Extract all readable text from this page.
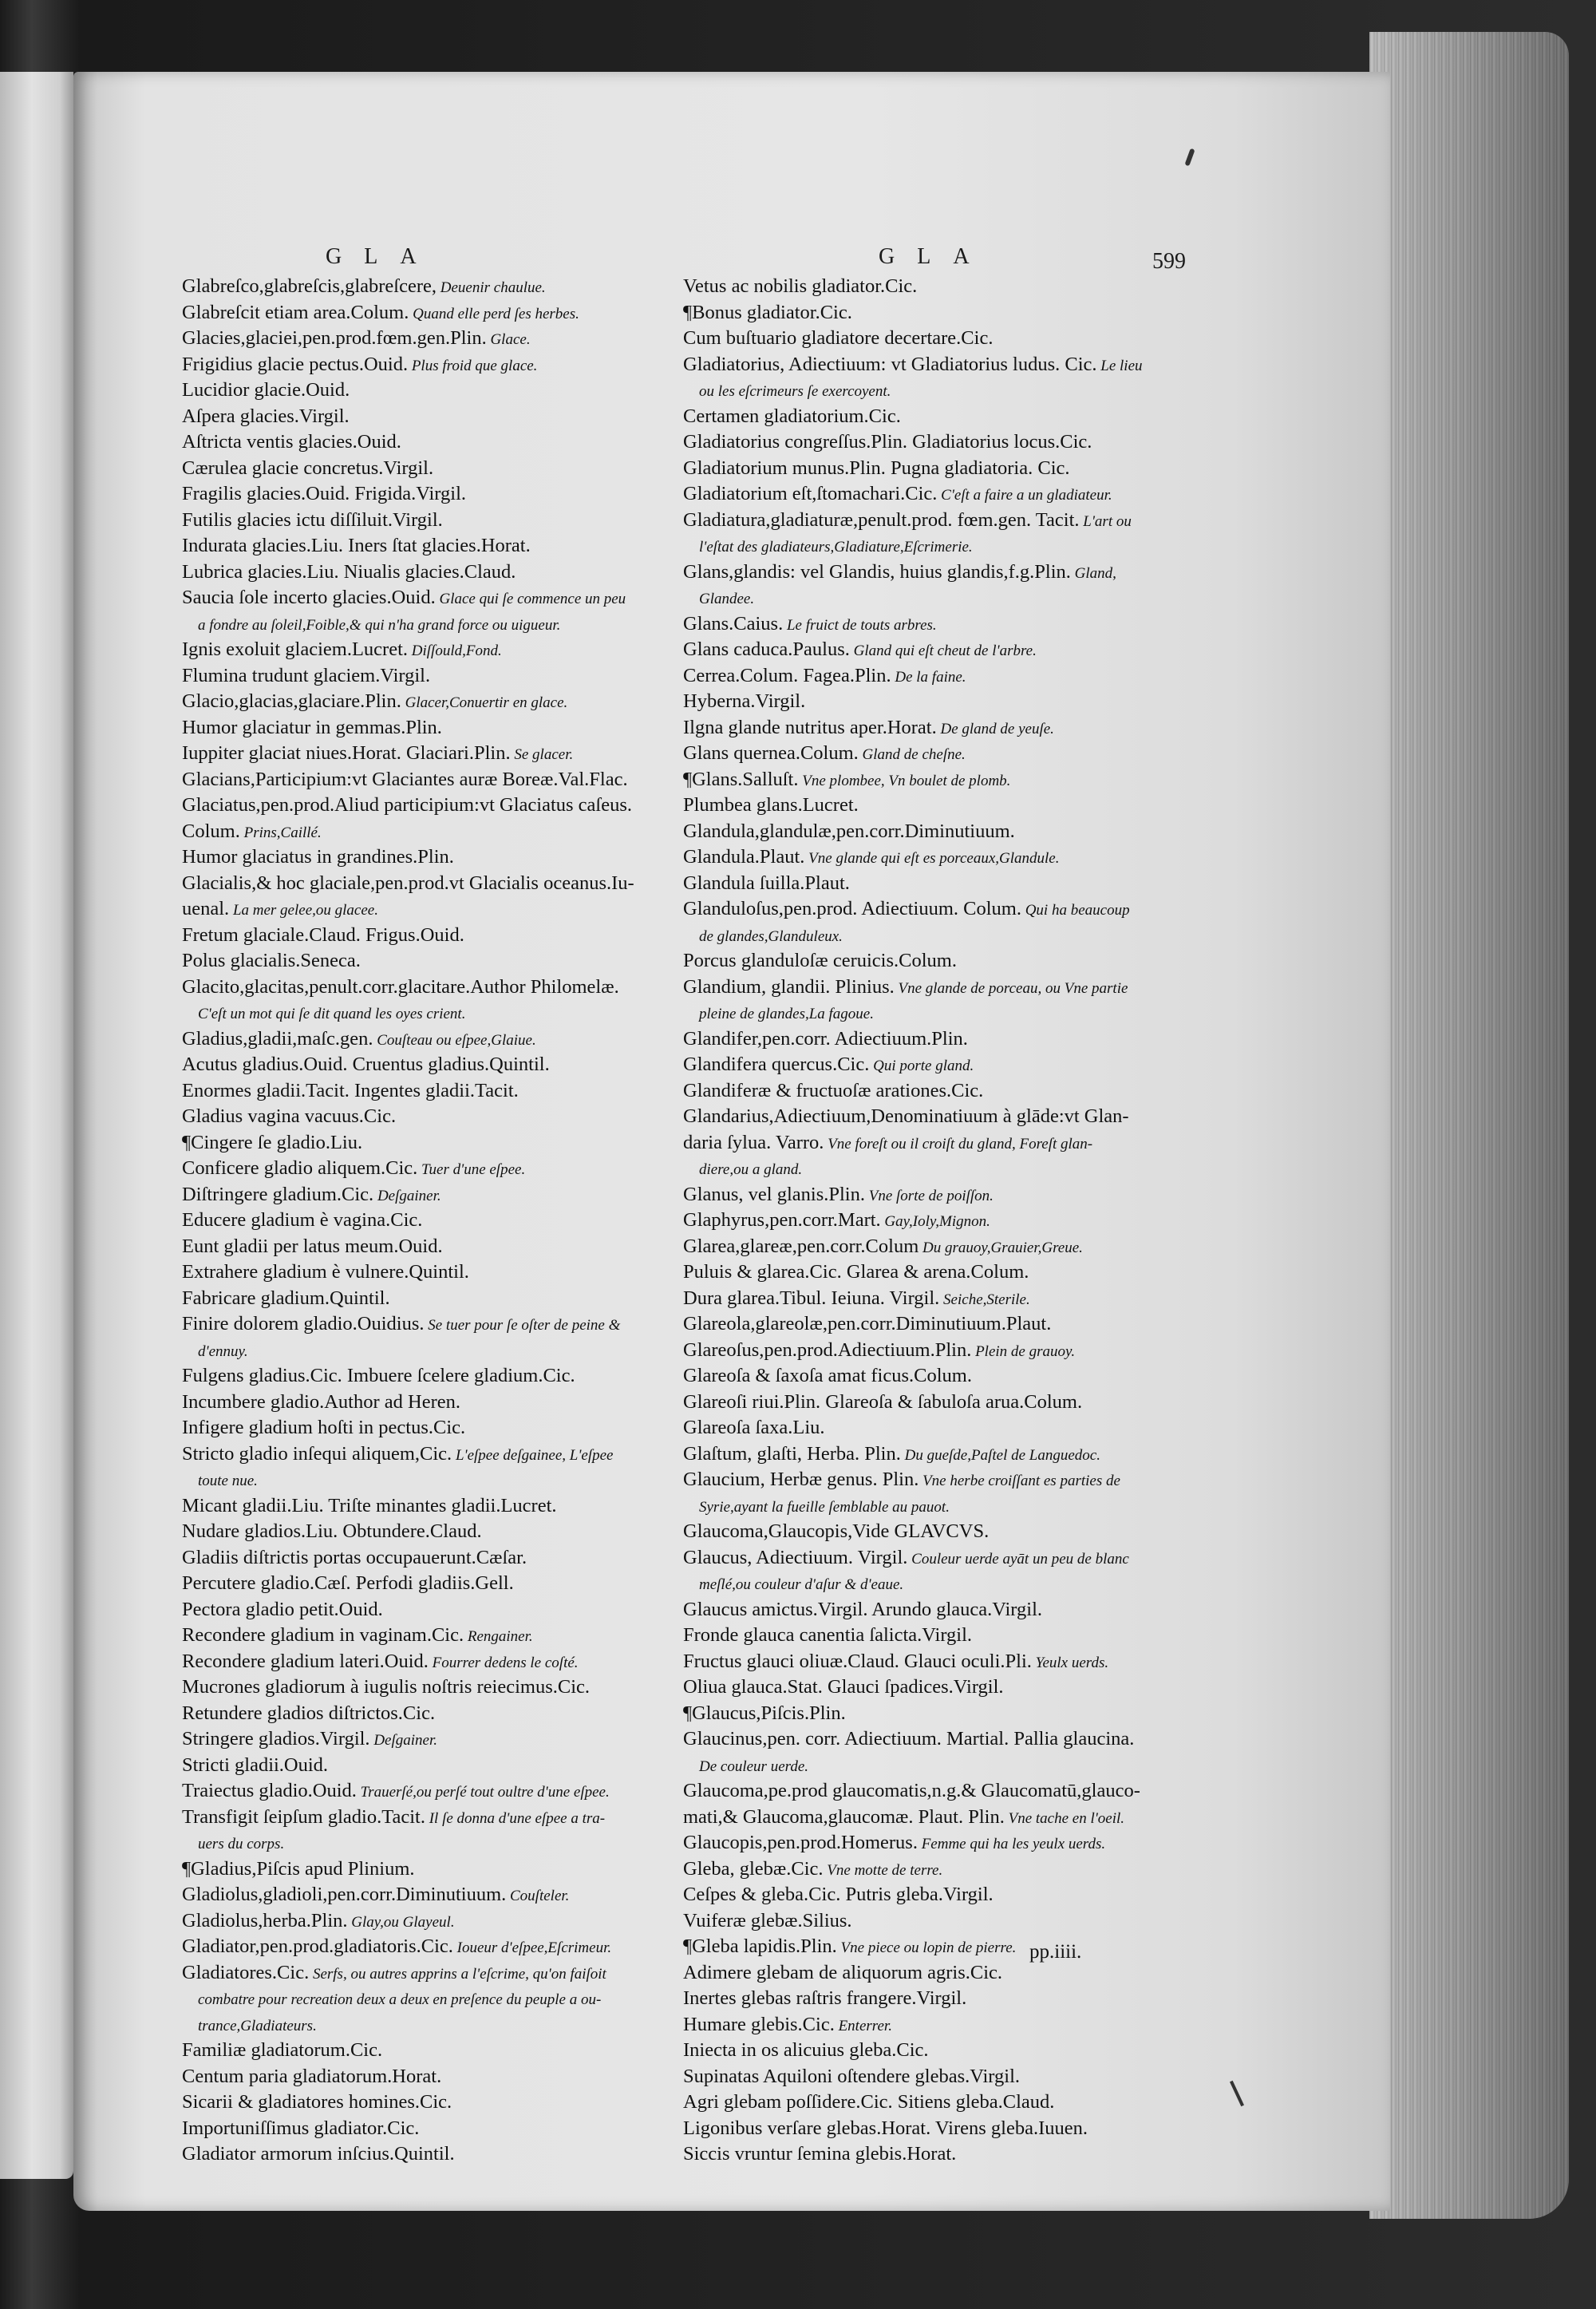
GLA	GLA	599
Glabreſco,glabreſcis,glabreſcere, Deuenir chaulue.
Glabreſcit etiam area.Colum. Quand elle perd ſes herbes.
Glacies,glaciei,pen.prod.fœm.gen.Plin. Glace.
Frigidius glacie pectus.Ouid. Plus froid que glace.
Lucidior glacie.Ouid.
Aſpera glacies.Virgil.
Aſtricta ventis glacies.Ouid.
Cærulea glacie concretus.Virgil.
Fragilis glacies.Ouid. Frigida.Virgil.
Futilis glacies ictu diſſiluit.Virgil.
Indurata glacies.Liu. Iners ſtat glacies.Horat.
Lubrica glacies.Liu. Niualis glacies.Claud.
Saucia ſole incerto glacies.Ouid. Glace qui ſe commence un peu
a fondre au ſoleil,Foible,& qui n'ha grand force ou uigueur.
Ignis exoluit glaciem.Lucret. Diſſould,Fond.
Flumina trudunt glaciem.Virgil.
Glacio,glacias,glaciare.Plin. Glacer,Conuertir en glace.
Humor glaciatur in gemmas.Plin.
Iuppiter glaciat niues.Horat. Glaciari.Plin. Se glacer.
Glacians,Participium:vt Glaciantes auræ Boreæ.Val.Flac.
Glaciatus,pen.prod.Aliud participium:vt Glaciatus caſeus.
Colum. Prins,Caillé.
Humor glaciatus in grandines.Plin.
Glacialis,& hoc glaciale,pen.prod.vt Glacialis oceanus.Iu-
uenal. La mer gelee,ou glacee.
Fretum glaciale.Claud. Frigus.Ouid.
Polus glacialis.Seneca.
Glacito,glacitas,penult.corr.glacitare.Author Philomelæ.
C'eſt un mot qui ſe dit quand les oyes crient.
Gladius,gladii,maſc.gen. Couſteau ou eſpee,Glaiue.
Acutus gladius.Ouid. Cruentus gladius.Quintil.
Enormes gladii.Tacit. Ingentes gladii.Tacit.
Gladius vagina vacuus.Cic.
¶Cingere ſe gladio.Liu.
Conficere gladio aliquem.Cic. Tuer d'une eſpee.
Diſtringere gladium.Cic. Deſgainer.
Educere gladium è vagina.Cic.
Eunt gladii per latus meum.Ouid.
Extrahere gladium è vulnere.Quintil.
Fabricare gladium.Quintil.
Finire dolorem gladio.Ouidius. Se tuer pour ſe oſter de peine &
d'ennuy.
Fulgens gladius.Cic. Imbuere ſcelere gladium.Cic.
Incumbere gladio.Author ad Heren.
Infigere gladium hoſti in pectus.Cic.
Stricto gladio inſequi aliquem,Cic. L'eſpee deſgainee, L'eſpee
toute nue.
Micant gladii.Liu. Triſte minantes gladii.Lucret.
Nudare gladios.Liu. Obtundere.Claud.
Gladiis diſtrictis portas occupauerunt.Cæſar.
Percutere gladio.Cæſ. Perfodi gladiis.Gell.
Pectora gladio petit.Ouid.
Recondere gladium in vaginam.Cic. Rengainer.
Recondere gladium lateri.Ouid. Fourrer dedens le coſté.
Mucrones gladiorum à iugulis noſtris reiecimus.Cic.
Retundere gladios diſtrictos.Cic.
Stringere gladios.Virgil. Deſgainer.
Stricti gladii.Ouid.
Traiectus gladio.Ouid. Trauerſé,ou perſé tout oultre d'une eſpee.
Transfigit ſeipſum gladio.Tacit. Il ſe donna d'une eſpee a tra-
uers du corps.
¶Gladius,Piſcis apud Plinium.
Gladiolus,gladioli,pen.corr.Diminutiuum. Couſteler.
Gladiolus,herba.Plin. Glay,ou Glayeul.
Gladiator,pen.prod.gladiatoris.Cic. Ioueur d'eſpee,Eſcrimeur.
Gladiatores.Cic. Serfs, ou autres apprins a l'eſcrime, qu'on faiſoit
combatre pour recreation deux a deux en preſence du peuple a ou-
trance,Gladiateurs.
Familiæ gladiatorum.Cic.
Centum paria gladiatorum.Horat.
Sicarii & gladiatores homines.Cic.
Importuniſſimus gladiator.Cic.
Gladiator armorum inſcius.Quintil.
Vetus ac nobilis gladiator.Cic.
¶Bonus gladiator.Cic.
Cum buſtuario gladiatore decertare.Cic.
Gladiatorius, Adiectiuum: vt Gladiatorius ludus. Cic. Le lieu
ou les eſcrimeurs ſe exercoyent.
Certamen gladiatorium.Cic.
Gladiatorius congreſſus.Plin. Gladiatorius locus.Cic.
Gladiatorium munus.Plin. Pugna gladiatoria. Cic.
Gladiatorium eſt,ſtomachari.Cic. C'eſt a faire a un gladiateur.
Gladiatura,gladiaturæ,penult.prod. fœm.gen. Tacit. L'art ou
l'eſtat des gladiateurs,Gladiature,Eſcrimerie.
Glans,glandis: vel Glandis, huius glandis,f.g.Plin. Gland,
Glandee.
Glans.Caius. Le fruict de touts arbres.
Glans caduca.Paulus. Gland qui eſt cheut de l'arbre.
Cerrea.Colum. Fagea.Plin. De la faine.
Hyberna.Virgil.
Ilgna glande nutritus aper.Horat. De gland de yeuſe.
Glans quernea.Colum. Gland de cheſne.
¶Glans.Salluſt. Vne plombee, Vn boulet de plomb.
Plumbea glans.Lucret.
Glandula,glandulæ,pen.corr.Diminutiuum.
Glandula.Plaut. Vne glande qui eſt es porceaux,Glandule.
Glandula ſuilla.Plaut.
Glanduloſus,pen.prod. Adiectiuum. Colum. Qui ha beaucoup
de glandes,Glanduleux.
Porcus glanduloſæ ceruicis.Colum.
Glandium, glandii. Plinius. Vne glande de porceau, ou Vne partie
pleine de glandes,La fagoue.
Glandifer,pen.corr. Adiectiuum.Plin.
Glandifera quercus.Cic. Qui porte gland.
Glandiferæ & fructuoſæ arationes.Cic.
Glandarius,Adiectiuum,Denominatiuum à glāde:vt Glan-
daria ſylua. Varro. Vne foreſt ou il croiſt du gland, Foreſt glan-
diere,ou a gland.
Glanus, vel glanis.Plin. Vne ſorte de poiſſon.
Glaphyrus,pen.corr.Mart. Gay,Ioly,Mignon.
Glarea,glareæ,pen.corr.Colum Du grauoy,Grauier,Greue.
Puluis & glarea.Cic. Glarea & arena.Colum.
Dura glarea.Tibul. Ieiuna. Virgil. Seiche,Sterile.
Glareola,glareolæ,pen.corr.Diminutiuum.Plaut.
Glareoſus,pen.prod.Adiectiuum.Plin. Plein de grauoy.
Glareoſa & ſaxoſa amat ficus.Colum.
Glareoſi riui.Plin. Glareoſa & ſabuloſa arua.Colum.
Glareoſa ſaxa.Liu.
Glaſtum, glaſti, Herba. Plin. Du gueſde,Paſtel de Languedoc.
Glaucium, Herbæ genus. Plin. Vne herbe croiſſant es parties de
Syrie,ayant la fueille ſemblable au pauot.
Glaucoma,Glaucopis,Vide GLAVCVS.
Glaucus, Adiectiuum. Virgil. Couleur uerde ayāt un peu de blanc
meſlé,ou couleur d'aſur & d'eaue.
Glaucus amictus.Virgil. Arundo glauca.Virgil.
Fronde glauca canentia ſalicta.Virgil.
Fructus glauci oliuæ.Claud. Glauci oculi.Pli. Yeulx uerds.
Oliua glauca.Stat. Glauci ſpadices.Virgil.
¶Glaucus,Piſcis.Plin.
Glaucinus,pen. corr. Adiectiuum. Martial. Pallia glaucina.
De couleur uerde.
Glaucoma,pe.prod glaucomatis,n.g.& Glaucomatū,glauco-
mati,& Glaucoma,glaucomæ. Plaut. Plin. Vne tache en l'oeil.
Glaucopis,pen.prod.Homerus. Femme qui ha les yeulx uerds.
Gleba, glebæ.Cic. Vne motte de terre.
Ceſpes & gleba.Cic. Putris gleba.Virgil.
Vuiferæ glebæ.Silius.
¶Gleba lapidis.Plin. Vne piece ou lopin de pierre.
Adimere glebam de aliquorum agris.Cic.
Inertes glebas raſtris frangere.Virgil.
Humare glebis.Cic. Enterrer.
Iniecta in os alicuius gleba.Cic.
Supinatas Aquiloni oſtendere glebas.Virgil.
Agri glebam poſſidere.Cic. Sitiens gleba.Claud.
Ligonibus verſare glebas.Horat. Virens gleba.Iuuen.
Siccis vruntur ſemina glebis.Horat.
pp.iiii.
